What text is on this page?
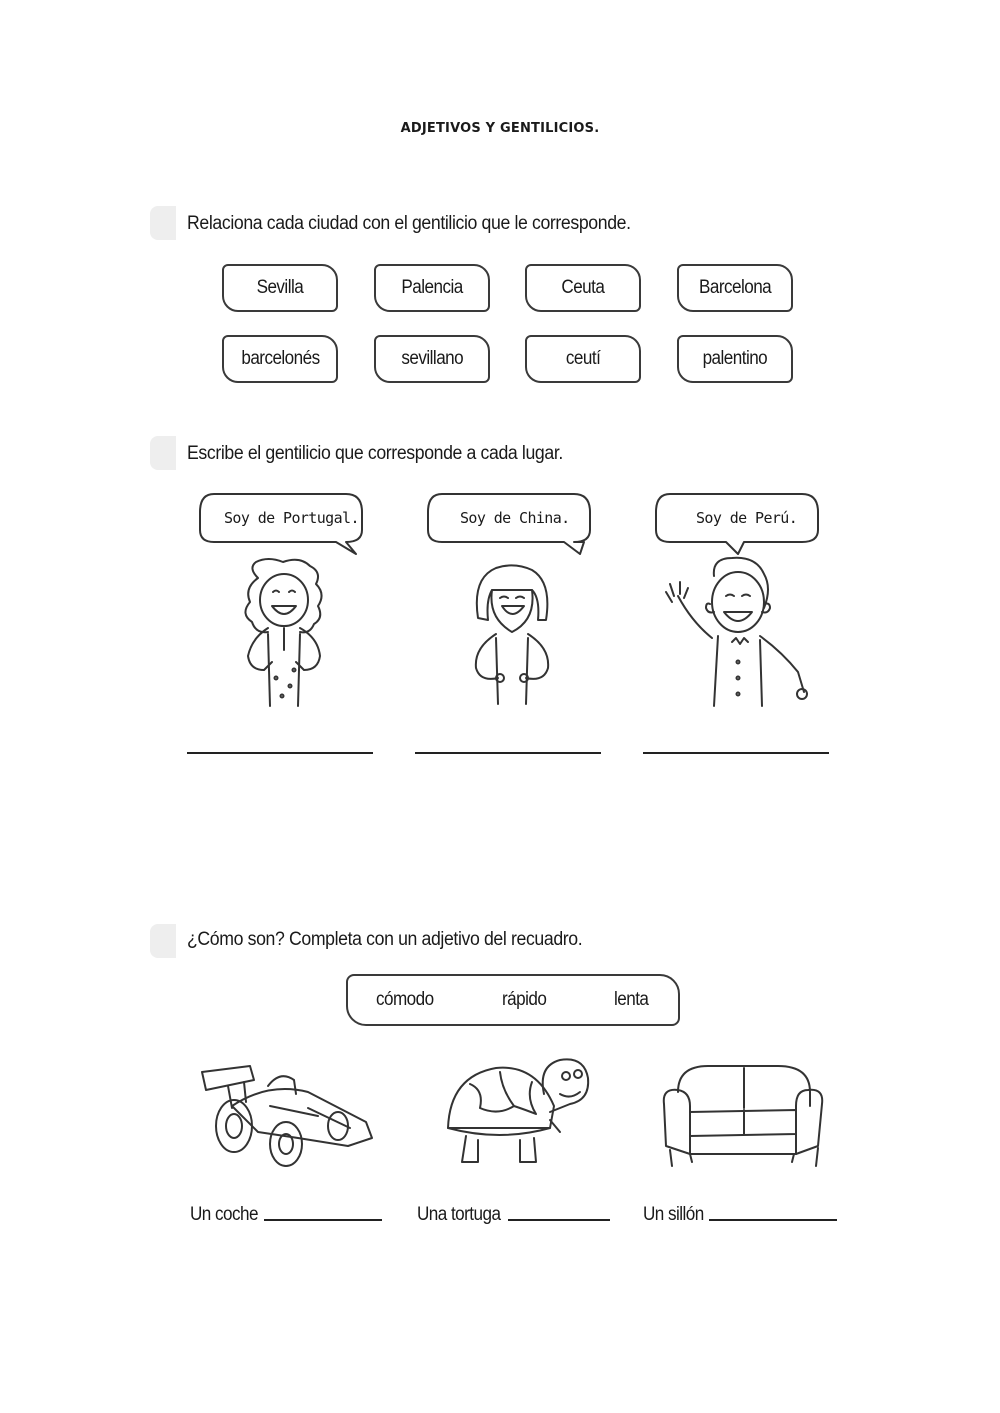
ADJETIVOS Y GENTILICIOS.
Relaciona cada ciudad con el gentilicio que le corresponde.
Sevilla	Palencia	Ceuta	Barcelona
barcelonés	sevillano	ceutí	palentino
Escribe el gentilicio que corresponde a cada lugar.
Soy de Portugal.	Soy de China.	Soy de Perú.
¿Cómo son? Completa con un adjetivo del recuadro.
cómodo	rápido	lenta
Un coche	Una tortuga	Un sillón
